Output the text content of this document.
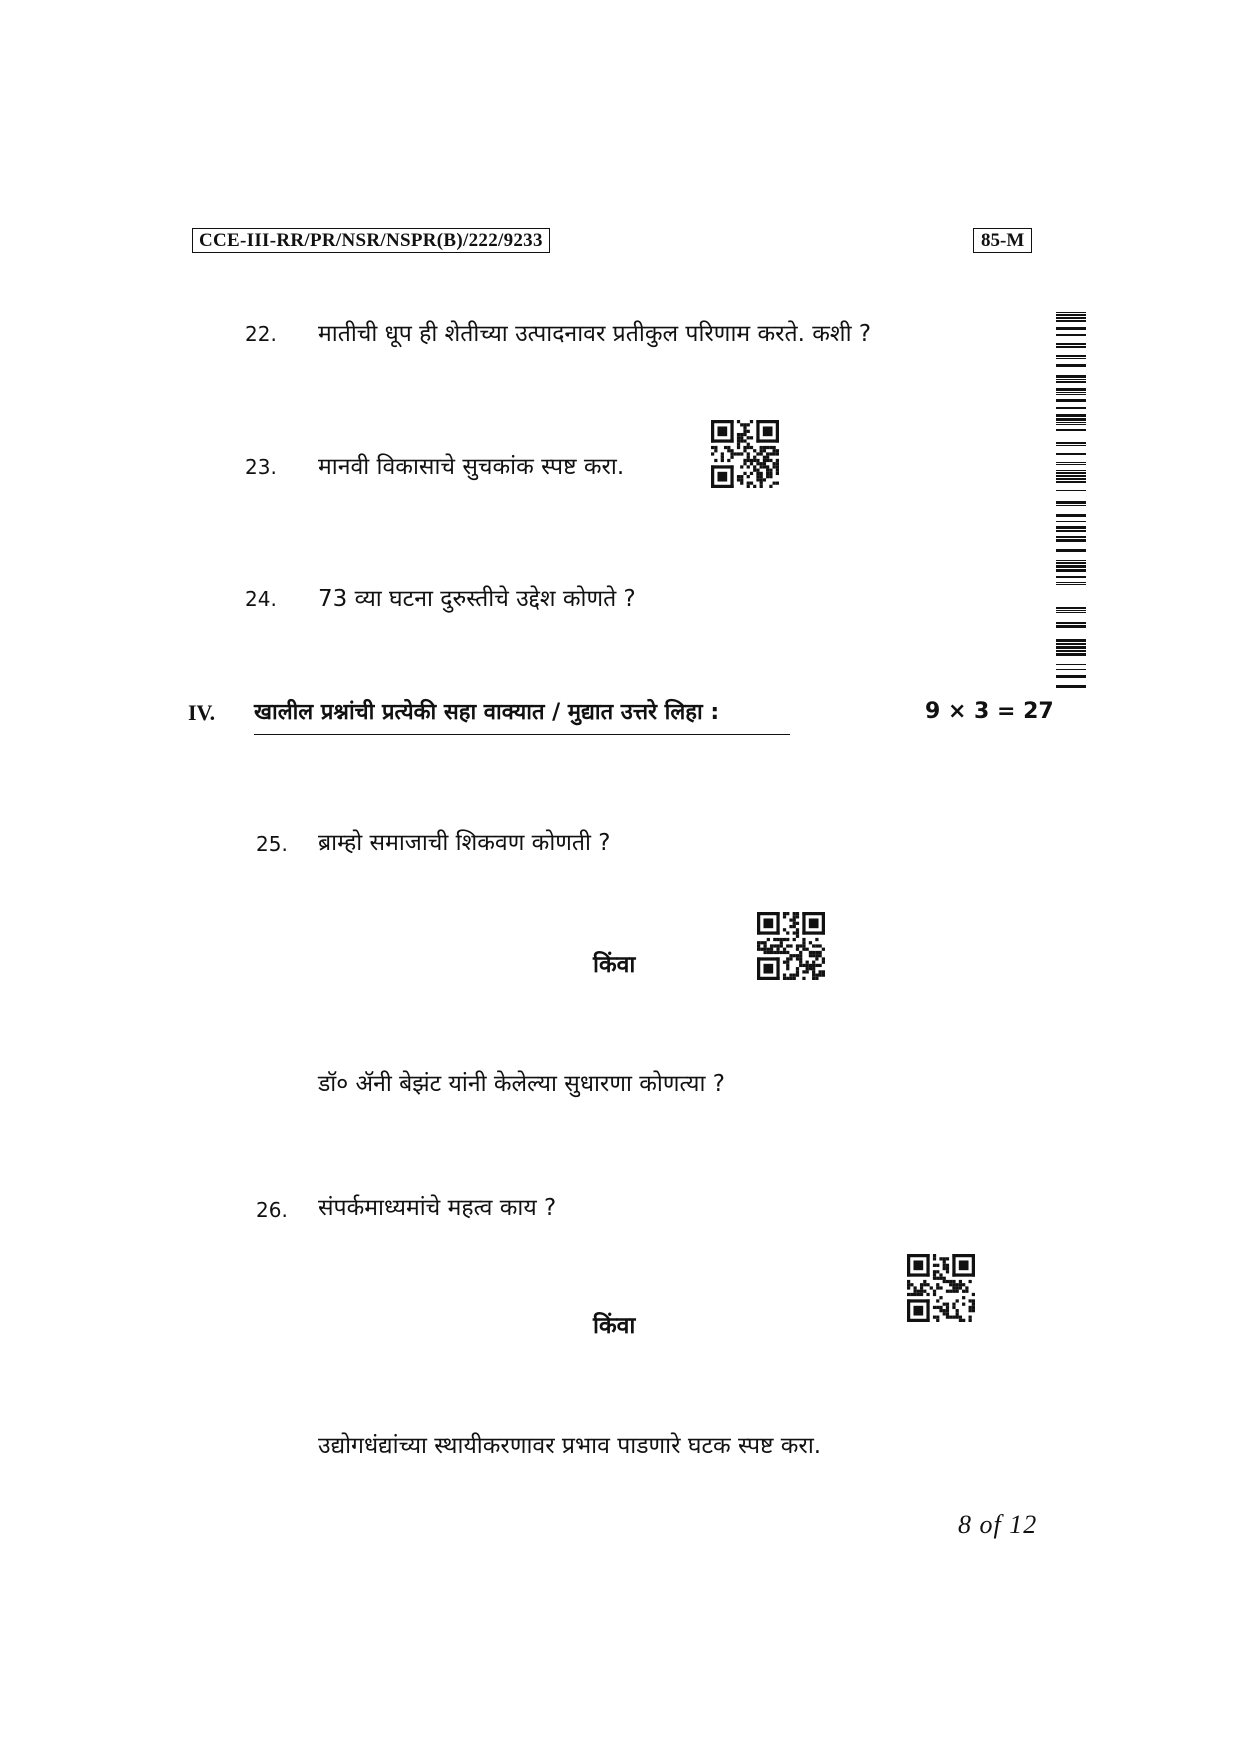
CCE-III-RR/PR/NSR/NSPR(B)/222/9233	85-M
22. मातीची धूप ही शेतीच्या उत्पादनावर प्रतीकुल परिणाम करते. कशी ?
23. मानवी विकासाचे सुचकांक स्पष्ट करा.
24. 73 व्या घटना दुरुस्तीचे उद्देश कोणते ?
IV. खालील प्रश्नांची प्रत्येकी सहा वाक्यात / मुद्यात उत्तरे लिहा :	9 × 3 = 27
25. ब्राम्हो समाजाची शिकवण कोणती ?
किंवा
डॉ० ॲनी बेझंट यांनी केलेल्या सुधारणा कोणत्या ?
26. संपर्कमाध्यमांचे महत्व काय ?
किंवा
उद्योगधंद्यांच्या स्थायीकरणावर प्रभाव पाडणारे घटक स्पष्ट करा.
8 of 12
